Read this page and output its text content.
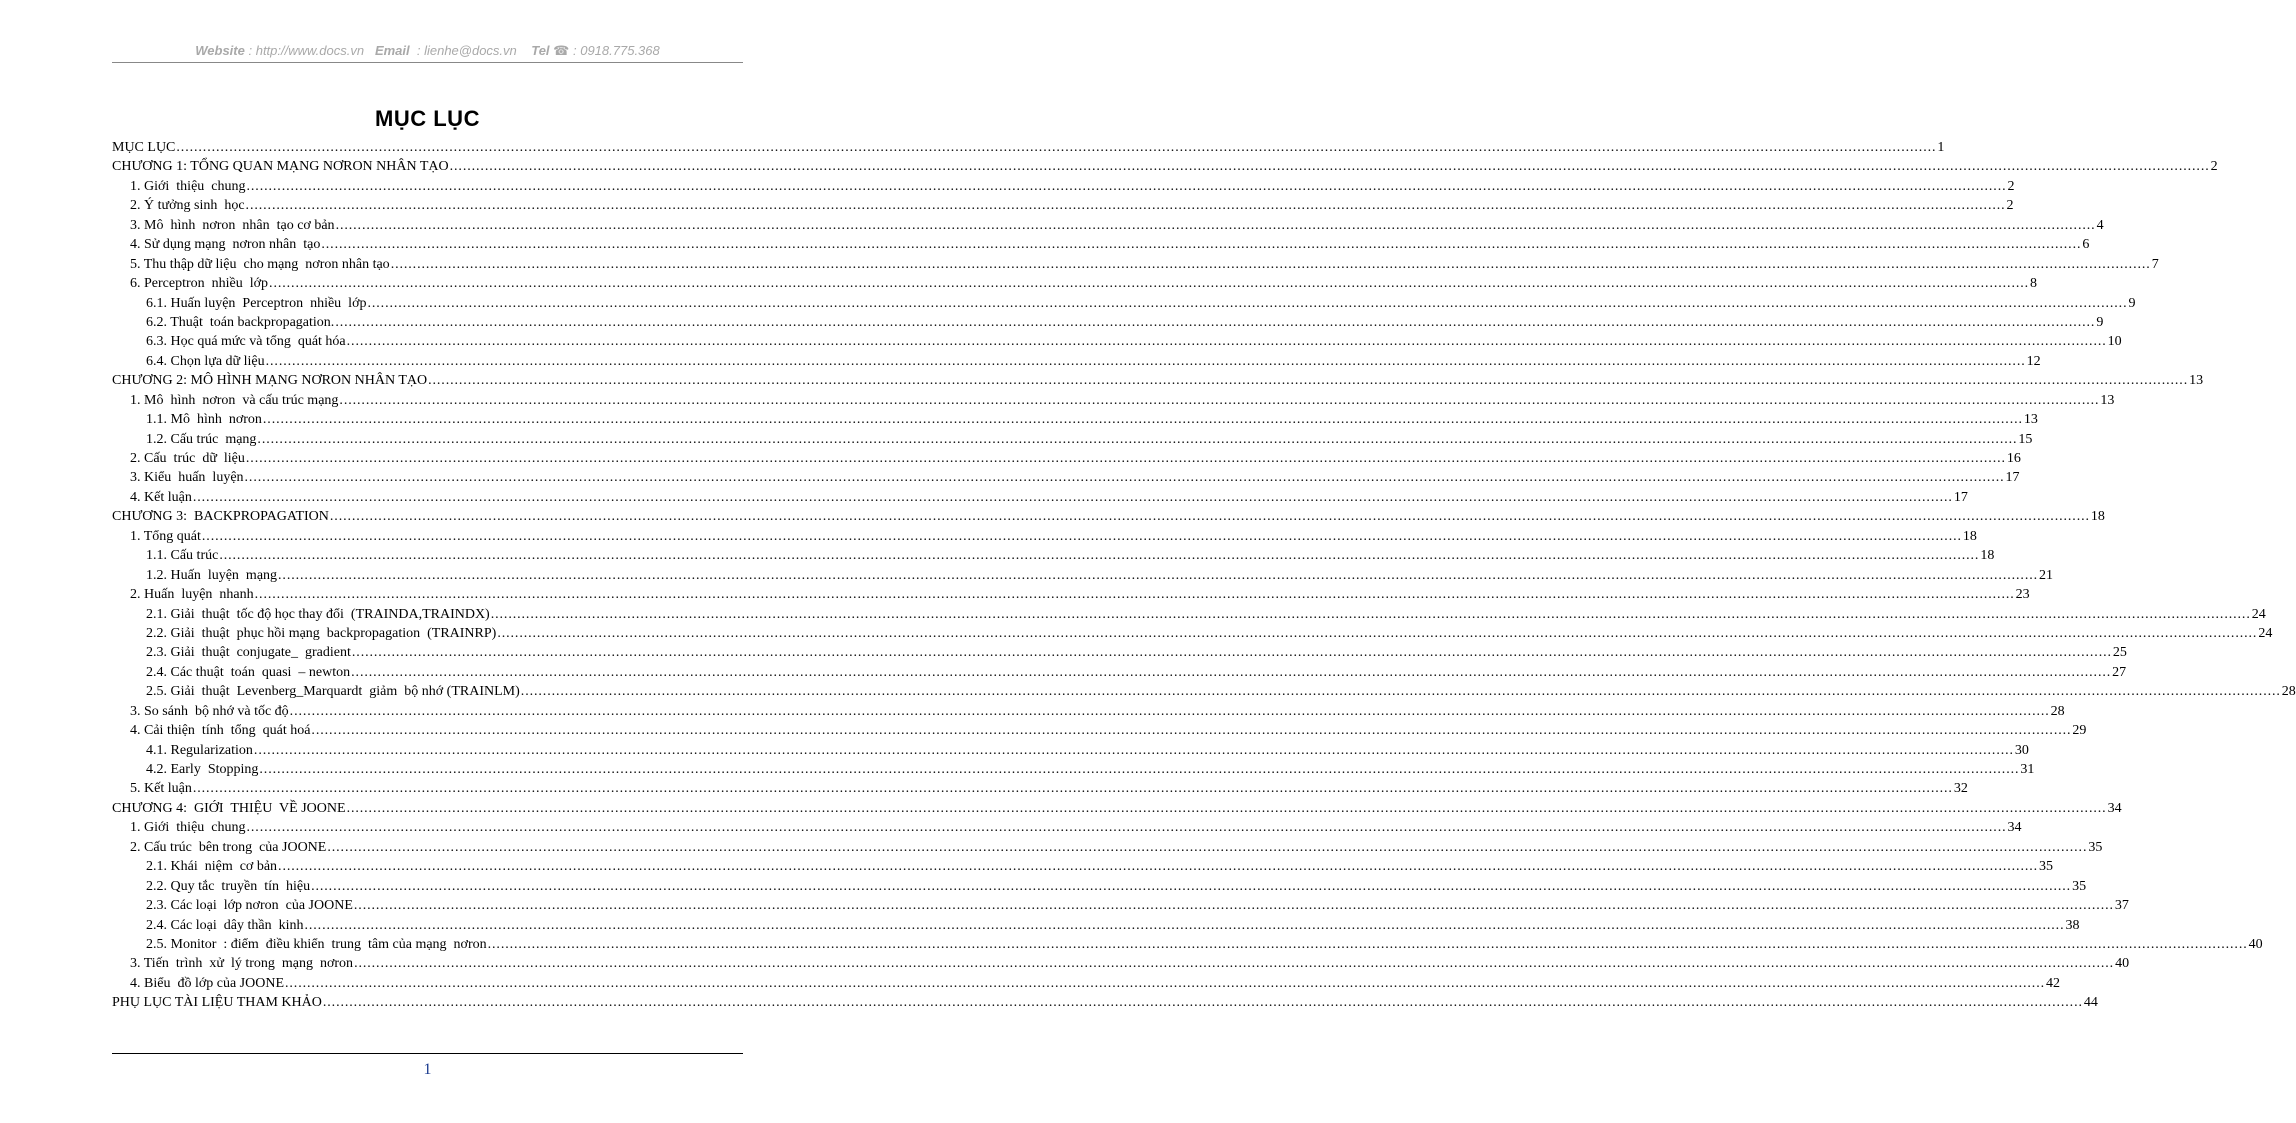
Website : http://www.docs.vn Email : lienhe@docs.vn Tel ☎ : 0918.775.368
MỤC LỤC
MỤC LỤC ................................................................................................................................................................................................................................................................................................................................................................................................................ 1
CHƯƠNG 1: TỔNG QUAN MẠNG NƠRON NHÂN TẠO ................................................................................................................................................................................................................................................................................................................................................................................................................ 2
1. Giới  thiệu  chung ................................................................................................................................................................................................................................................................................................................................................................................................................ 2
2. Ý tưởng sinh  học ................................................................................................................................................................................................................................................................................................................................................................................................................ 2
3. Mô  hình  nơron  nhân  tạo cơ bản ................................................................................................................................................................................................................................................................................................................................................................................................................ 4
4. Sử dụng mạng  nơron nhân  tạo ................................................................................................................................................................................................................................................................................................................................................................................................................ 6
5. Thu thập dữ liệu  cho mạng  nơron nhân tạo ................................................................................................................................................................................................................................................................................................................................................................................................................ 7
6. Perceptron  nhiều  lớp ................................................................................................................................................................................................................................................................................................................................................................................................................ 8
6.1. Huấn luyện  Perceptron  nhiều  lớp ................................................................................................................................................................................................................................................................................................................................................................................................................ 9
6.2. Thuật  toán backpropagation. ................................................................................................................................................................................................................................................................................................................................................................................................................ 9
6.3. Học quá mức và tổng  quát hóa ................................................................................................................................................................................................................................................................................................................................................................................................................ 10
6.4. Chọn lựa dữ liệu ................................................................................................................................................................................................................................................................................................................................................................................................................ 12
CHƯƠNG 2: MÔ HÌNH MẠNG NƠRON NHÂN TẠO ................................................................................................................................................................................................................................................................................................................................................................................................................ 13
1. Mô  hình  nơron  và cấu trúc mạng ................................................................................................................................................................................................................................................................................................................................................................................................................ 13
1.1. Mô  hình  nơron ................................................................................................................................................................................................................................................................................................................................................................................................................ 13
1.2. Cấu trúc  mạng ................................................................................................................................................................................................................................................................................................................................................................................................................ 15
2. Cấu  trúc  dữ  liệu ................................................................................................................................................................................................................................................................................................................................................................................................................ 16
3. Kiểu  huấn  luyện ................................................................................................................................................................................................................................................................................................................................................................................................................ 17
4. Kết luận ................................................................................................................................................................................................................................................................................................................................................................................................................ 17
CHƯƠNG 3:  BACKPROPAGATION ................................................................................................................................................................................................................................................................................................................................................................................................................ 18
1. Tổng quát ................................................................................................................................................................................................................................................................................................................................................................................................................ 18
1.1. Cấu trúc ................................................................................................................................................................................................................................................................................................................................................................................................................ 18
1.2. Huấn  luyện  mạng ................................................................................................................................................................................................................................................................................................................................................................................................................ 21
2. Huấn  luyện  nhanh ................................................................................................................................................................................................................................................................................................................................................................................................................ 23
2.1. Giải  thuật  tốc độ học thay đổi  (TRAINDA,TRAINDX) ................................................................................................................................................................................................................................................................................................................................................................................................................ 24
2.2. Giải  thuật  phục hồi mạng  backpropagation  (TRAINRP) ................................................................................................................................................................................................................................................................................................................................................................................................................ 24
2.3. Giải  thuật  conjugate_  gradient ................................................................................................................................................................................................................................................................................................................................................................................................................ 25
2.4. Các thuật  toán  quasi  – newton ................................................................................................................................................................................................................................................................................................................................................................................................................ 27
2.5. Giải  thuật  Levenberg_Marquardt  giảm  bộ nhớ (TRAINLM) ................................................................................................................................................................................................................................................................................................................................................................................................................ 28
3. So sánh  bộ nhớ và tốc độ ................................................................................................................................................................................................................................................................................................................................................................................................................ 28
4. Cải thiện  tính  tổng  quát hoá ................................................................................................................................................................................................................................................................................................................................................................................................................ 29
4.1. Regularization ................................................................................................................................................................................................................................................................................................................................................................................................................ 30
4.2. Early  Stopping ................................................................................................................................................................................................................................................................................................................................................................................................................ 31
5. Kết luận ................................................................................................................................................................................................................................................................................................................................................................................................................ 32
CHƯƠNG 4:  GIỚI  THIỆU  VỀ JOONE ................................................................................................................................................................................................................................................................................................................................................................................................................ 34
1. Giới  thiệu  chung ................................................................................................................................................................................................................................................................................................................................................................................................................ 34
2. Cấu trúc  bên trong  của JOONE ................................................................................................................................................................................................................................................................................................................................................................................................................ 35
2.1. Khái  niệm  cơ bản ................................................................................................................................................................................................................................................................................................................................................................................................................ 35
2.2. Quy tắc  truyền  tín  hiệu ................................................................................................................................................................................................................................................................................................................................................................................................................ 35
2.3. Các loại  lớp nơron  của JOONE ................................................................................................................................................................................................................................................................................................................................................................................................................ 37
2.4. Các loại  dây thần  kinh ................................................................................................................................................................................................................................................................................................................................................................................................................ 38
2.5. Monitor  : điểm  điều khiển  trung  tâm của mạng  nơron ................................................................................................................................................................................................................................................................................................................................................................................................................ 40
3. Tiến  trình  xử  lý trong  mạng  nơron ................................................................................................................................................................................................................................................................................................................................................................................................................ 40
4. Biểu  đồ lớp của JOONE ................................................................................................................................................................................................................................................................................................................................................................................................................ 42
PHỤ LỤC TÀI LIỆU THAM KHẢO ................................................................................................................................................................................................................................................................................................................................................................................................................ 44
1
